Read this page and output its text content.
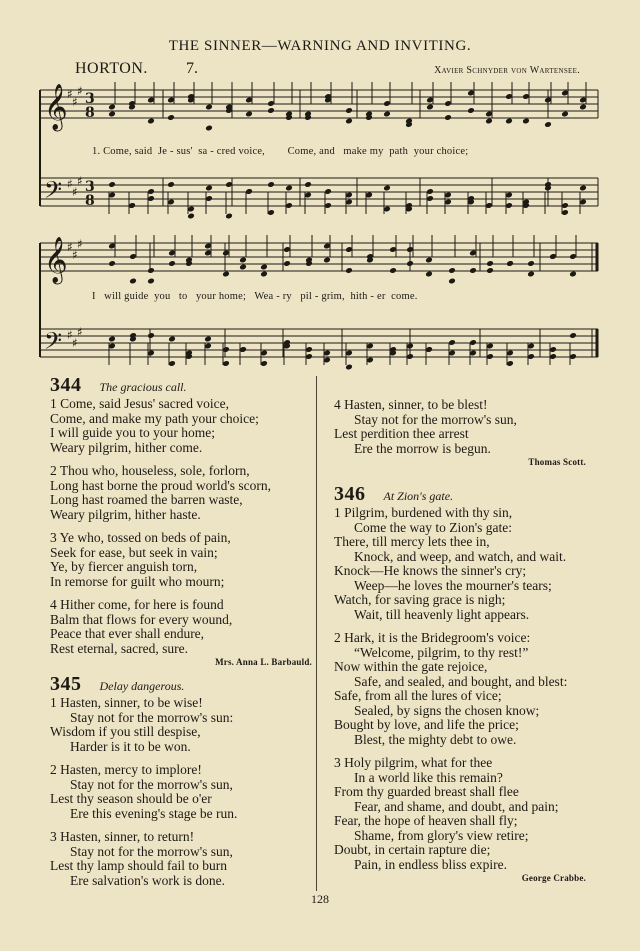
THE SINNER—WARNING AND INVITING.
HORTON. 7.	Xavier Schnyder von Wartensee.
𝄞
𝄢
♯
♯
♯
♯
♯
♯
3
8
3
8
1. Come, said  Je - sus'  sa - cred voice,        Come, and   make my  path  your choice;
𝄞
𝄢
♯
♯
♯
♯
♯
♯
I   will guide  you   to   your home;   Wea - ry   pil - grim,  hith - er  come.
344 The gracious call.
1 Come, said Jesus' sacred voice,
Come, and make my path your choice;
I will guide you to your home;
Weary pilgrim, hither come.
2 Thou who, houseless, sole, forlorn,
Long hast borne the proud world's scorn,
Long hast roamed the barren waste,
Weary pilgrim, hither haste.
3 Ye who, tossed on beds of pain,
Seek for ease, but seek in vain;
Ye, by fiercer anguish torn,
In remorse for guilt who mourn;
4 Hither come, for here is found
Balm that flows for every wound,
Peace that ever shall endure,
Rest eternal, sacred, sure.
Mrs. Anna L. Barbauld.
345 Delay dangerous.
1 Hasten, sinner, to be wise!
Stay not for the morrow's sun:
Wisdom if you still despise,
Harder is it to be won.
2 Hasten, mercy to implore!
Stay not for the morrow's sun,
Lest thy season should be o'er
Ere this evening's stage be run.
3 Hasten, sinner, to return!
Stay not for the morrow's sun,
Lest thy lamp should fail to burn
Ere salvation's work is done.
4 Hasten, sinner, to be blest!
Stay not for the morrow's sun,
Lest perdition thee arrest
Ere the morrow is begun.
Thomas Scott.
346 At Zion's gate.
1 Pilgrim, burdened with thy sin,
Come the way to Zion's gate:
There, till mercy lets thee in,
Knock, and weep, and watch, and wait.
Knock—He knows the sinner's cry;
Weep—he loves the mourner's tears;
Watch, for saving grace is nigh;
Wait, till heavenly light appears.
2 Hark, it is the Bridegroom's voice:
“Welcome, pilgrim, to thy rest!”
Now within the gate rejoice,
Safe, and sealed, and bought, and blest:
Safe, from all the lures of vice;
Sealed, by signs the chosen know;
Bought by love, and life the price;
Blest, the mighty debt to owe.
3 Holy pilgrim, what for thee
In a world like this remain?
From thy guarded breast shall flee
Fear, and shame, and doubt, and pain;
Fear, the hope of heaven shall fly;
Shame, from glory's view retire;
Doubt, in certain rapture die;
Pain, in endless bliss expire.
George Crabbe.
128
